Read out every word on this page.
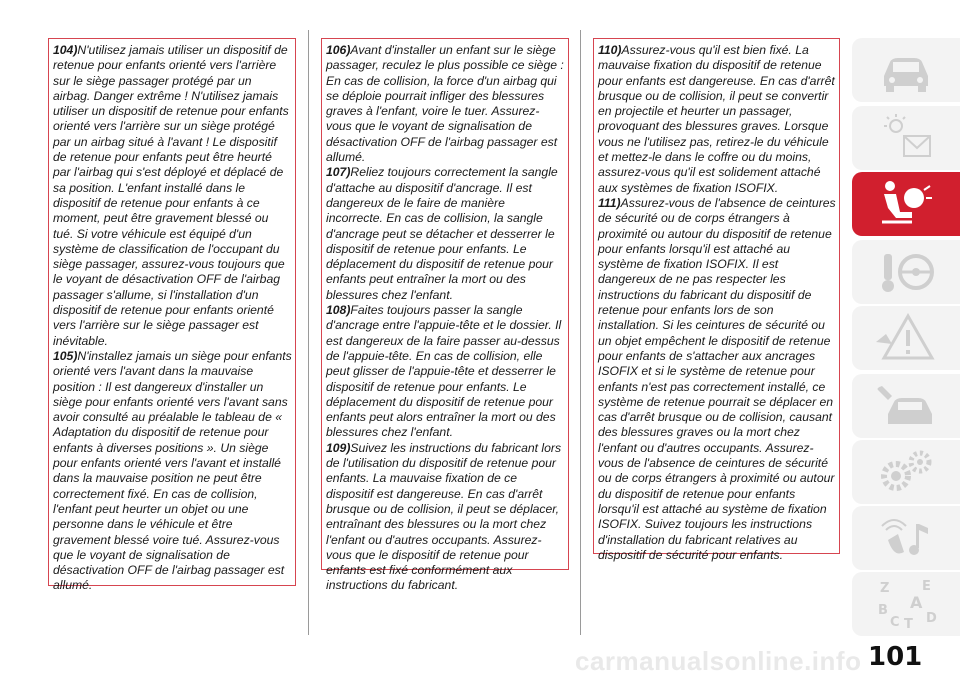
104)N'utilisez jamais utiliser un dispositif de retenue pour enfants orienté vers l'arrière sur le siège passager protégé par un airbag. Danger extrême ! N'utilisez jamais utiliser un dispositif de retenue pour enfants orienté vers l'arrière sur un siège protégé par un airbag situé à l'avant ! Le dispositif de retenue pour enfants peut être heurté par l'airbag qui s'est déployé et déplacé de sa position. L'enfant installé dans le dispositif de retenue pour enfants à ce moment, peut être gravement blessé ou tué. Si votre véhicule est équipé d'un système de classification de l'occupant du siège passager, assurez-vous toujours que le voyant de désactivation OFF de l'airbag passager s'allume, si l'installation d'un dispositif de retenue pour enfants orienté vers l'arrière sur le siège passager est inévitable.

105)N'installez jamais un siège pour enfants orienté vers l'avant dans la mauvaise position : Il est dangereux d'installer un siège pour enfants orienté vers l'avant sans avoir consulté au préalable le tableau de « Adaptation du dispositif de retenue pour enfants à diverses positions ». Un siège pour enfants orienté vers l'avant et installé dans la mauvaise position ne peut être correctement fixé. En cas de collision, l'enfant peut heurter un objet ou une personne dans le véhicule et être gravement blessé voire tué. Assurez-vous que le voyant de signalisation de désactivation OFF de l'airbag passager est allumé.

106)Avant d'installer un enfant sur le siège passager, reculez le plus possible ce siège : En cas de collision, la force d'un airbag qui se déploie pourrait infliger des blessures graves à l'enfant, voire le tuer. Assurez-vous que le voyant de signalisation de désactivation OFF de l'airbag passager est allumé.

107)Reliez toujours correctement la sangle d'attache au dispositif d'ancrage. Il est dangereux de le faire de manière incorrecte. En cas de collision, la sangle d'ancrage peut se détacher et desserrer le dispositif de retenue pour enfants. Le déplacement du dispositif de retenue pour enfants peut entraîner la mort ou des blessures chez l'enfant.

108)Faites toujours passer la sangle d'ancrage entre l'appuie-tête et le dossier. Il est dangereux de la faire passer au-dessus de l'appuie-tête. En cas de collision, elle peut glisser de l'appuie-tête et desserrer le dispositif de retenue pour enfants. Le déplacement du dispositif de retenue pour enfants peut alors entraîner la mort ou des blessures chez l'enfant.

109)Suivez les instructions du fabricant lors de l'utilisation du dispositif de retenue pour enfants. La mauvaise fixation de ce dispositif est dangereuse. En cas d'arrêt brusque ou de collision, il peut se déplacer, entraînant des blessures ou la mort chez l'enfant ou d'autres occupants. Assurez-vous que le dispositif de retenue pour enfants est fixé conformément aux instructions du fabricant.

110)Assurez-vous qu'il est bien fixé. La mauvaise fixation du dispositif de retenue pour enfants est dangereuse. En cas d'arrêt brusque ou de collision, il peut se convertir en projectile et heurter un passager, provoquant des blessures graves. Lorsque vous ne l'utilisez pas, retirez-le du véhicule et mettez-le dans le coffre ou du moins, assurez-vous qu'il est solidement attaché aux systèmes de fixation ISOFIX.

111)Assurez-vous de l'absence de ceintures de sécurité ou de corps étrangers à proximité ou autour du dispositif de retenue pour enfants lorsqu'il est attaché au système de fixation ISOFIX. Il est dangereux de ne pas respecter les instructions du fabricant du dispositif de retenue pour enfants lors de son installation. Si les ceintures de sécurité ou un objet empêchent le dispositif de retenue pour enfants de s'attacher aux ancrages ISOFIX et si le système de retenue pour enfants n'est pas correctement installé, ce système de retenue pourrait se déplacer en cas d'arrêt brusque ou de collision, causant des blessures graves ou la mort chez l'enfant ou d'autres occupants. Assurez-vous de l'absence de ceintures de sécurité ou de corps étrangers à proximité ou autour du dispositif de retenue pour enfants lorsqu'il est attaché au système de fixation ISOFIX. Suivez toujours les instructions d'installation du fabricant relatives au dispositif de sécurité pour enfants.

Z	E
A
B
C T D
carmanualsonline.info 101
